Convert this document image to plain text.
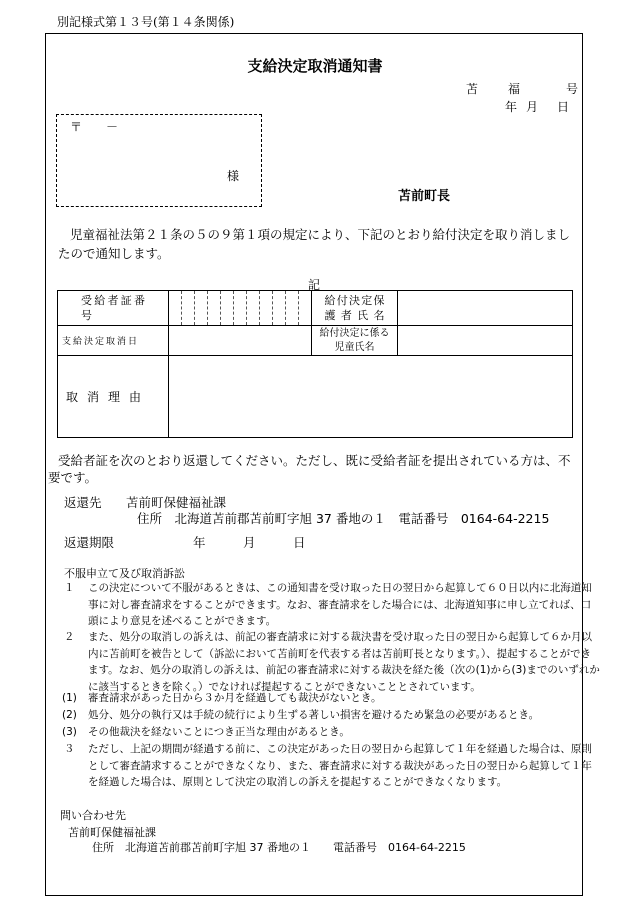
別記様式第１３号(第１４条関係)
支給決定取消通知書
苫 福	号
年 月 日
〒　　－
様
苫前町長
児童福祉法第２１条の５の９第１項の規定により、下記のとおり給付決定を取り消しましたので通知します。
記
受給者証番号		給付決定保護者氏名	

支給決定取消日		給付決定に係る児童氏名	

取消理由			
受給者証を次のとおり返還してください。ただし、既に受給者証を提出されている方は、不要です。
返還先 苫前町保健福祉課
住所　北海道苫前郡苫前町字旭 37 番地の１　電話番号　0164-64-2215
返還期限	年　　　月　　　日
不服申立て及び取消訴訟
１ この決定について不服があるときは、この通知書を受け取った日の翌日から起算して６０日以内に北海道知事に対し審査請求をすることができます。なお、審査請求をした場合には、北海道知事に申し立てれば、口頭により意見を述べることができます。
２ また、処分の取消しの訴えは、前記の審査請求に対する裁決書を受け取った日の翌日から起算して６か月以内に苫前町を被告として（訴訟において苫前町を代表する者は苫前町長となります。）、提起することができます。なお、処分の取消しの訴えは、前記の審査請求に対する裁決を経た後（次の(1)から(3)までのいずれかに該当するときを除く。）でなければ提起することができないこととされています。
(1) 審査請求があった日から３か月を経過しても裁決がないとき。
(2) 処分、処分の執行又は手続の続行により生ずる著しい損害を避けるため緊急の必要があるとき。
(3) その他裁決を経ないことにつき正当な理由があるとき。
３ ただし、上記の期間が経過する前に、この決定があった日の翌日から起算して１年を経過した場合は、原則として審査請求することができなくなり、また、審査請求に対する裁決があった日の翌日から起算して１年を経過した場合は、原則として決定の取消しの訴えを提起することができなくなります。
問い合わせ先
苫前町保健福祉課
住所　北海道苫前郡苫前町字旭 37 番地の１　　電話番号　0164-64-2215
